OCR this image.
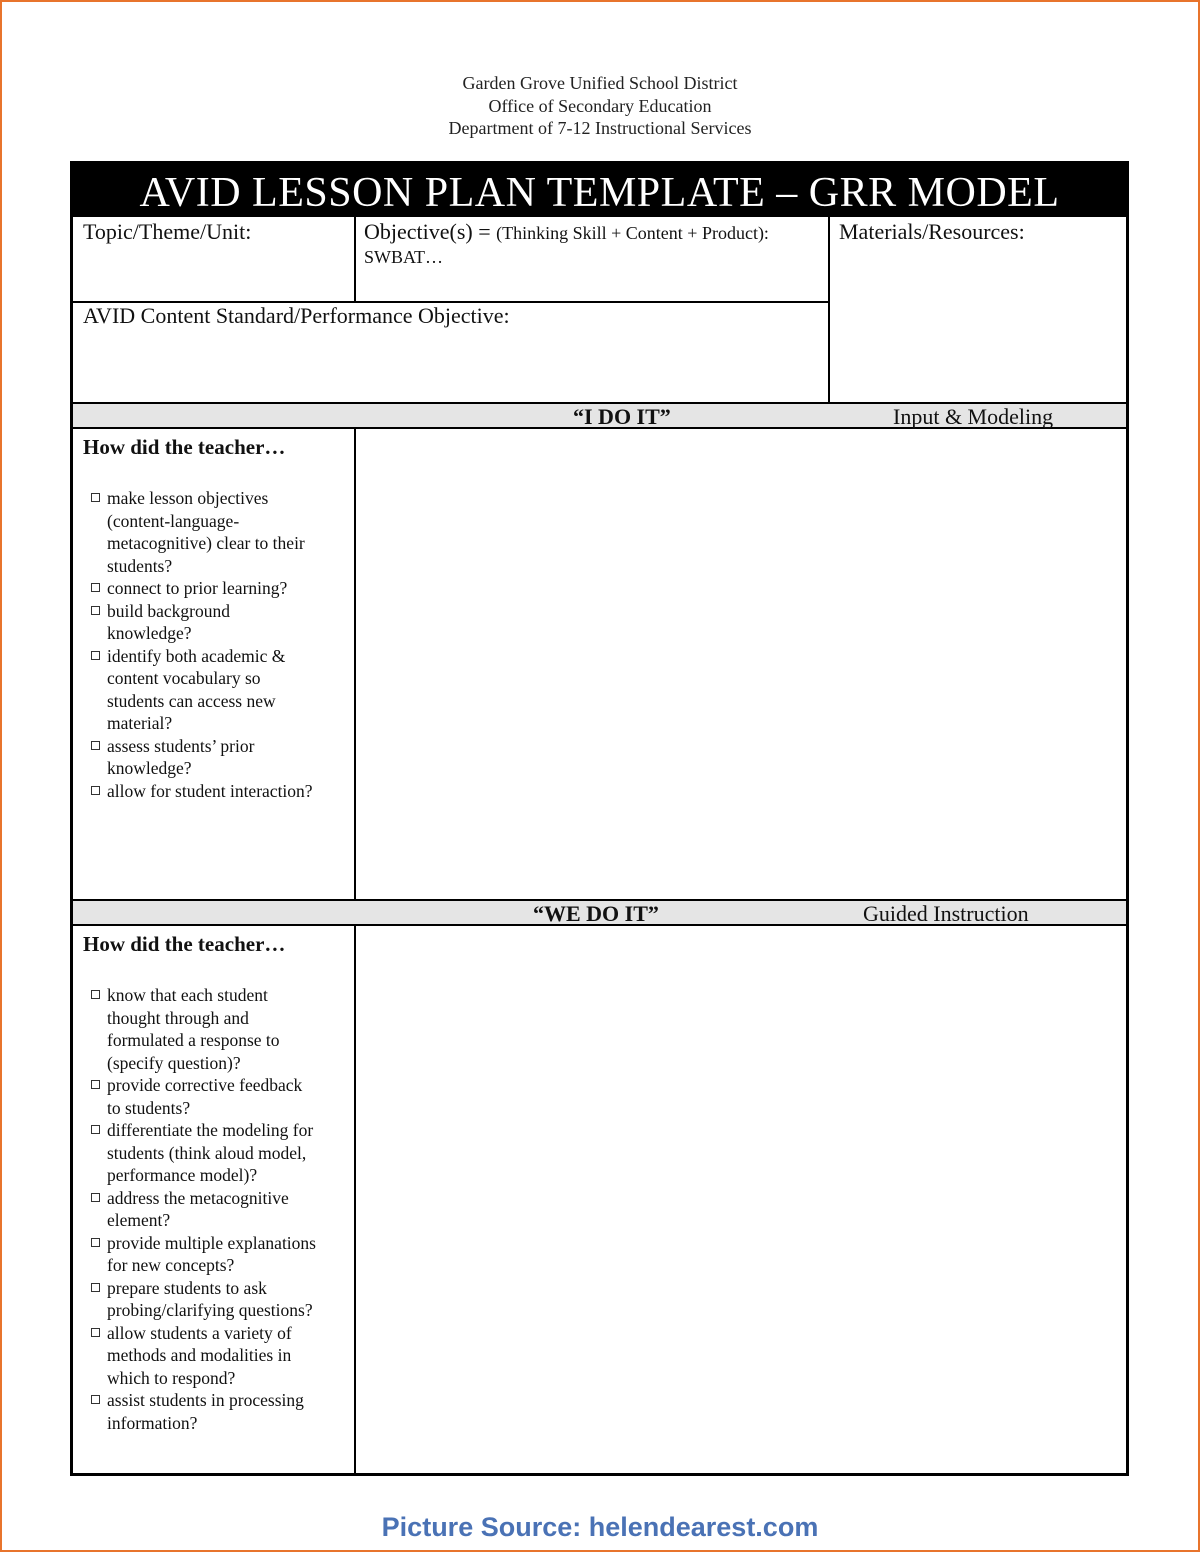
Garden Grove Unified School District
Office of Secondary Education
Department of 7-12 Instructional Services
AVID LESSON PLAN TEMPLATE – GRR MODEL
Topic/Theme/Unit:	Objective(s) = (Thinking Skill + Content + Product):
SWBAT…
Materials/Resources:
AVID Content Standard/Performance Objective:
“I DO IT”	Input & Modeling
How did the teacher…
make lesson objectives
(content-language-
metacognitive) clear to their
students?
connect to prior learning?
build background
knowledge?
identify both academic &
content vocabulary so
students can access new
material?
assess students’ prior
knowledge?
allow for student interaction?
“WE DO IT”	Guided Instruction
How did the teacher…
know that each student
thought through and
formulated a response to
(specify question)?
provide corrective feedback
to students?
differentiate the modeling for
students (think aloud model,
performance model)?
address the metacognitive
element?
provide multiple explanations
for new concepts?
prepare students to ask
probing/clarifying questions?
allow students a variety of
methods and modalities in
which to respond?
assist students in processing
information?
Picture Source: helendearest.com
